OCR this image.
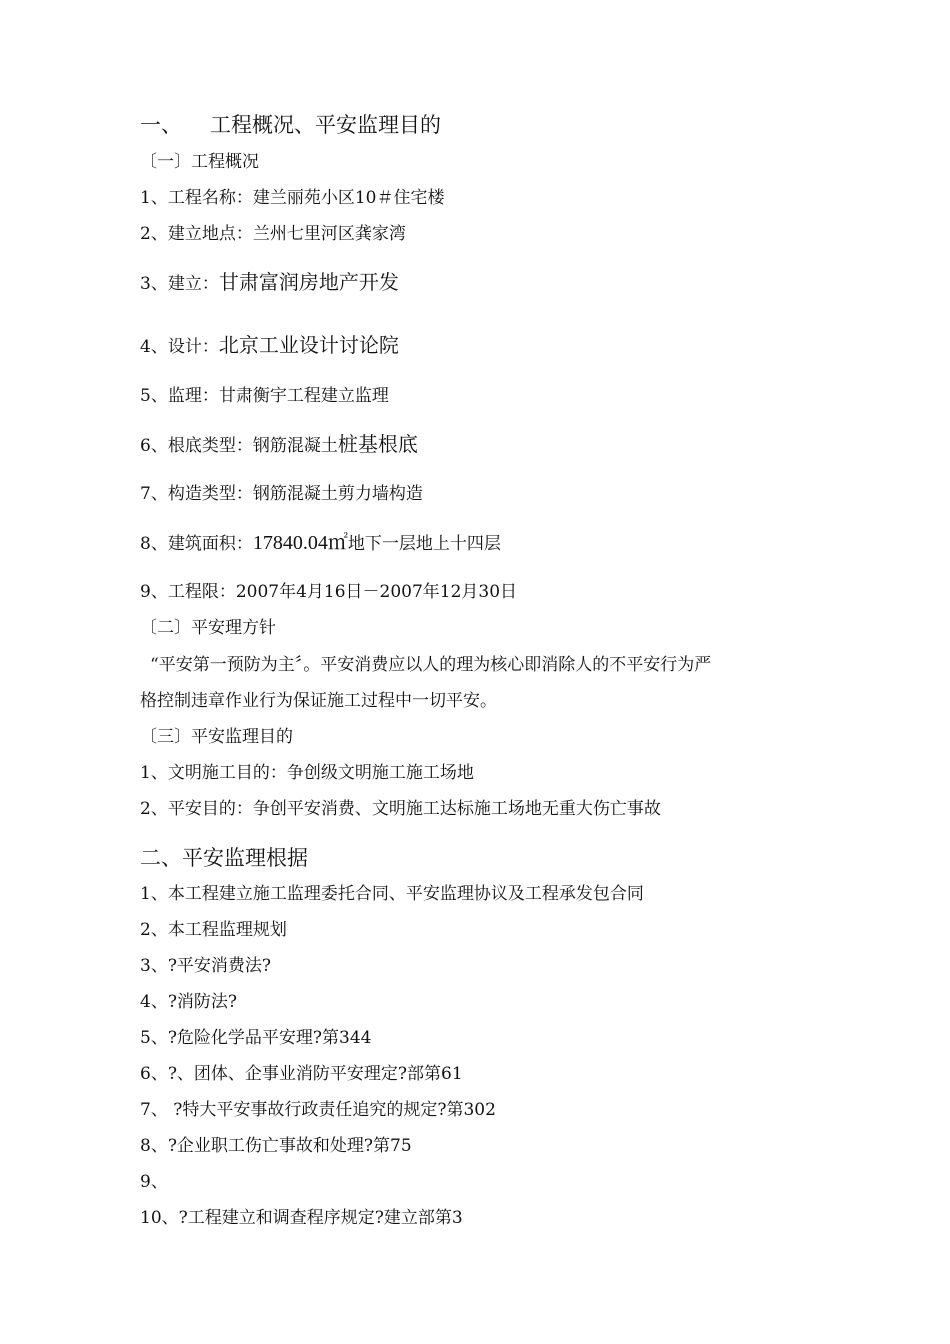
一、 工程概况、平安监理目的
〔一〕工程概况
1、工程名称：建兰丽苑小区10＃住宅楼
2、建立地点：兰州七里河区龚家湾
3、建立：甘肃富润房地产开发
4、设计：北京工业设计讨论院
5、监理：甘肃衡宇工程建立监理
6、根底类型：钢筋混凝土桩基根底
7、构造类型：钢筋混凝土剪力墙构造
8、建筑面积：17840.04㎡地下一层地上十四层
9、工程限：2007年4月16日－2007年12月30日
〔二〕平安理方针
“平安第一预防为主〞。平安消费应以人的理为核心即消除人的不平安行为严
格控制违章作业行为保证施工过程中一切平安。
〔三〕平安监理目的
1、文明施工目的：争创级文明施工施工场地
2、平安目的：争创平安消费、文明施工达标施工场地无重大伤亡事故
二、平安监理根据
1、本工程建立施工监理委托合同、平安监理协议及工程承发包合同
2、本工程监理规划
3、?平安消费法?
4、?消防法?
5、?危险化学品平安理?第344
6、?、团体、企事业消防平安理定?部第61
7、 ?特大平安事故行政责任追究的规定?第302
8、?企业职工伤亡事故和处理?第75
9、
10、?工程建立和调查程序规定?建立部第3
